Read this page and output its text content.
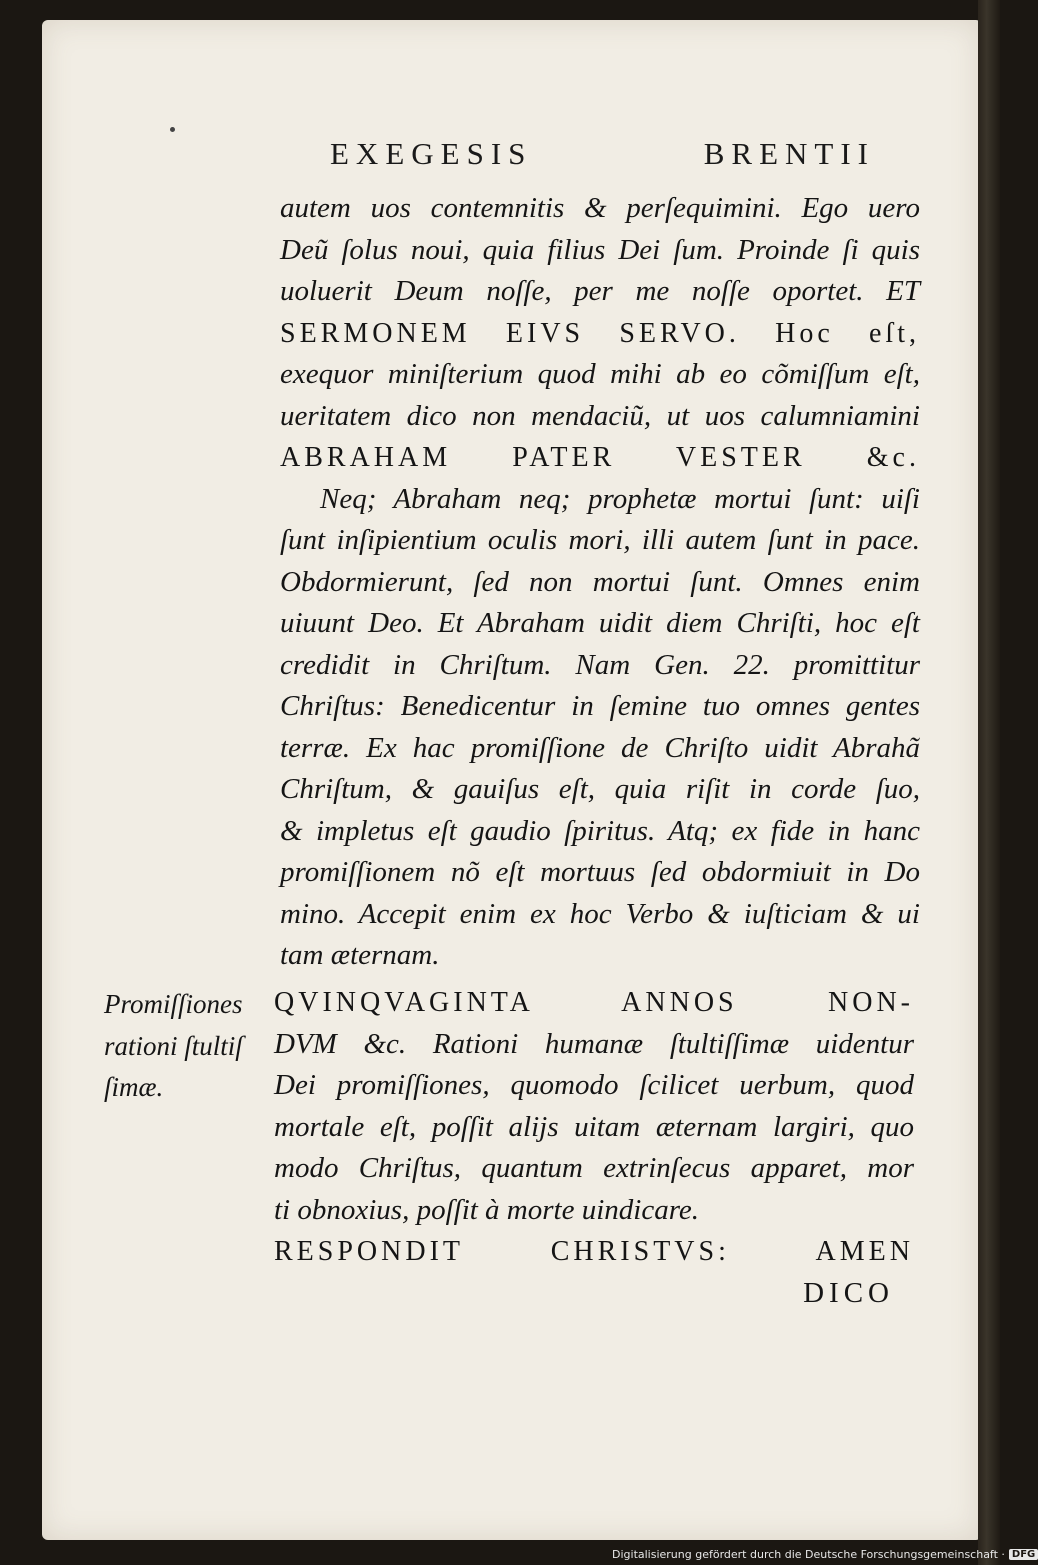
EXEGESIS	BRENTII
autem uos contemnitis & perſequimini. Ego uero
Deũ ſolus noui, quia filius Dei ſum. Proinde ſi quis
uoluerit Deum noſſe, per me noſſe oportet. ET
SERMONEM EIVS SERVO. Hoc eſt,
exequor miniſterium quod mihi ab eo cõmiſſum eſt,
ueritatem dico non mendaciũ, ut uos calumniamini
ABRAHAM PATER VESTER &c.
Neq; Abraham neq; prophetæ mortui ſunt: uiſi
ſunt inſipientium oculis mori, illi autem ſunt in pace.
Obdormierunt, ſed non mortui ſunt. Omnes enim
uiuunt Deo. Et Abraham uidit diem Chriſti, hoc eſt
credidit in Chriſtum. Nam Gen. 22. promittitur
Chriſtus: Benedicentur in ſemine tuo omnes gentes
terræ. Ex hac promiſſione de Chriſto uidit Abrahã
Chriſtum, & gauiſus eſt, quia riſit in corde ſuo,
& impletus eſt gaudio ſpiritus. Atq; ex fide in hanc
promiſſionem nõ eſt mortuus ſed obdormiuit in Do
mino. Accepit enim ex hoc Verbo & iuſticiam & ui
tam æternam.
Promiſſiones
rationi ſtultiſ
ſimæ.
QVINQVAGINTA ANNOS NON-
DVM &c. Rationi humanæ ſtultiſſimæ uidentur
Dei promiſſiones, quomodo ſcilicet uerbum, quod
mortale eſt, poſſit alijs uitam æternam largiri, quo
modo Chriſtus, quantum extrinſecus apparet, mor
ti obnoxius, poſſit à morte uindicare.
RESPONDIT CHRISTVS: AMEN
DICO
Digitalisierung gefördert durch die Deutsche Forschungsgemeinschaft · DFG
